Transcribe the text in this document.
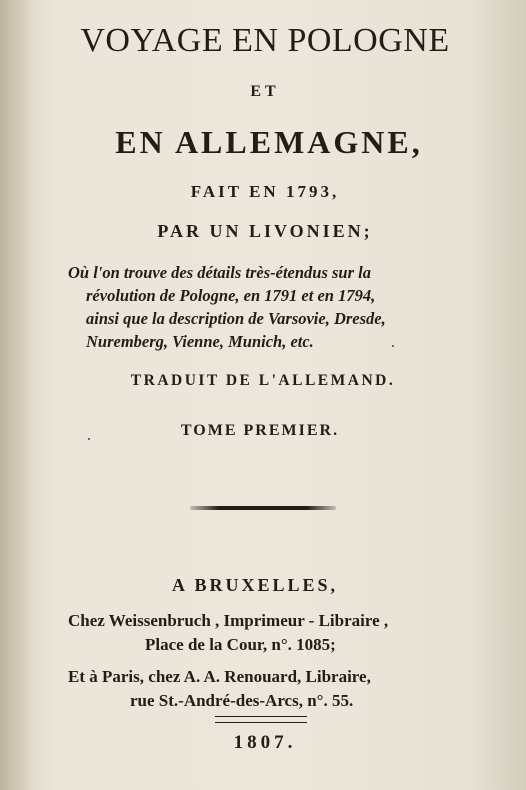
VOYAGE EN POLOGNE
ET
EN ALLEMAGNE,
FAIT EN 1793,
PAR UN LIVONIEN;
Où l'on trouve des détails très-étendus sur la
révolution de Pologne, en 1791 et en 1794,
ainsi que la description de Varsovie, Dresde,
Nuremberg, Vienne, Munich, etc.
TRADUIT DE L'ALLEMAND.
TOME PREMIER.
A BRUXELLES,
Chez Weissenbruch , Imprimeur - Libraire ,
Place de la Cour, n°. 1085;
Et à Paris, chez A. A. Renouard, Libraire,
rue St.-André-des-Arcs, n°. 55.
1807.
